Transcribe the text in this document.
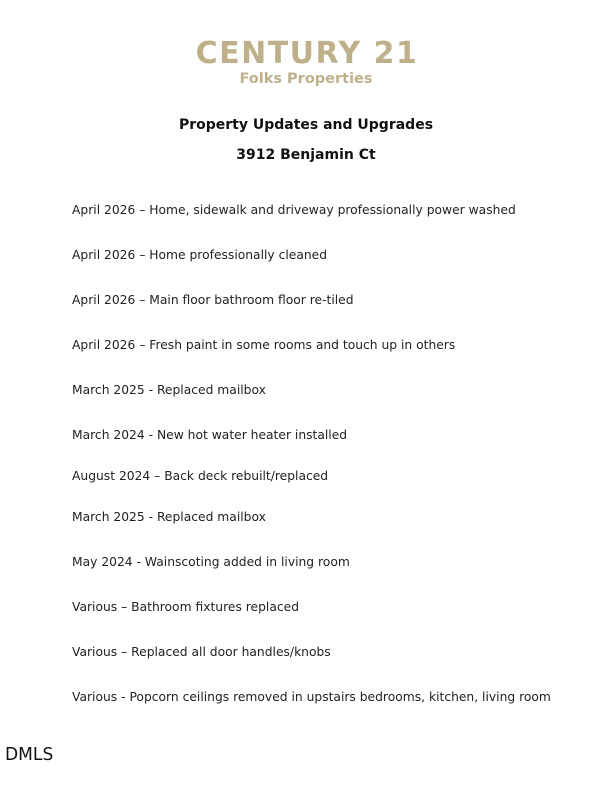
CENTURY 21
Folks Properties
Property Updates and Upgrades
3912 Benjamin Ct
April 2026 – Home, sidewalk and driveway professionally power washed
April 2026 – Home professionally cleaned
April 2026 – Main floor bathroom floor re-tiled
April 2026 – Fresh paint in some rooms and touch up in others
March 2025 - Replaced mailbox
March 2024 - New hot water heater installed
August 2024 – Back deck rebuilt/replaced
March 2025 - Replaced mailbox
May 2024 - Wainscoting added in living room
Various – Bathroom fixtures replaced
Various – Replaced all door handles/knobs
Various - Popcorn ceilings removed in upstairs bedrooms, kitchen, living room
DMLS
